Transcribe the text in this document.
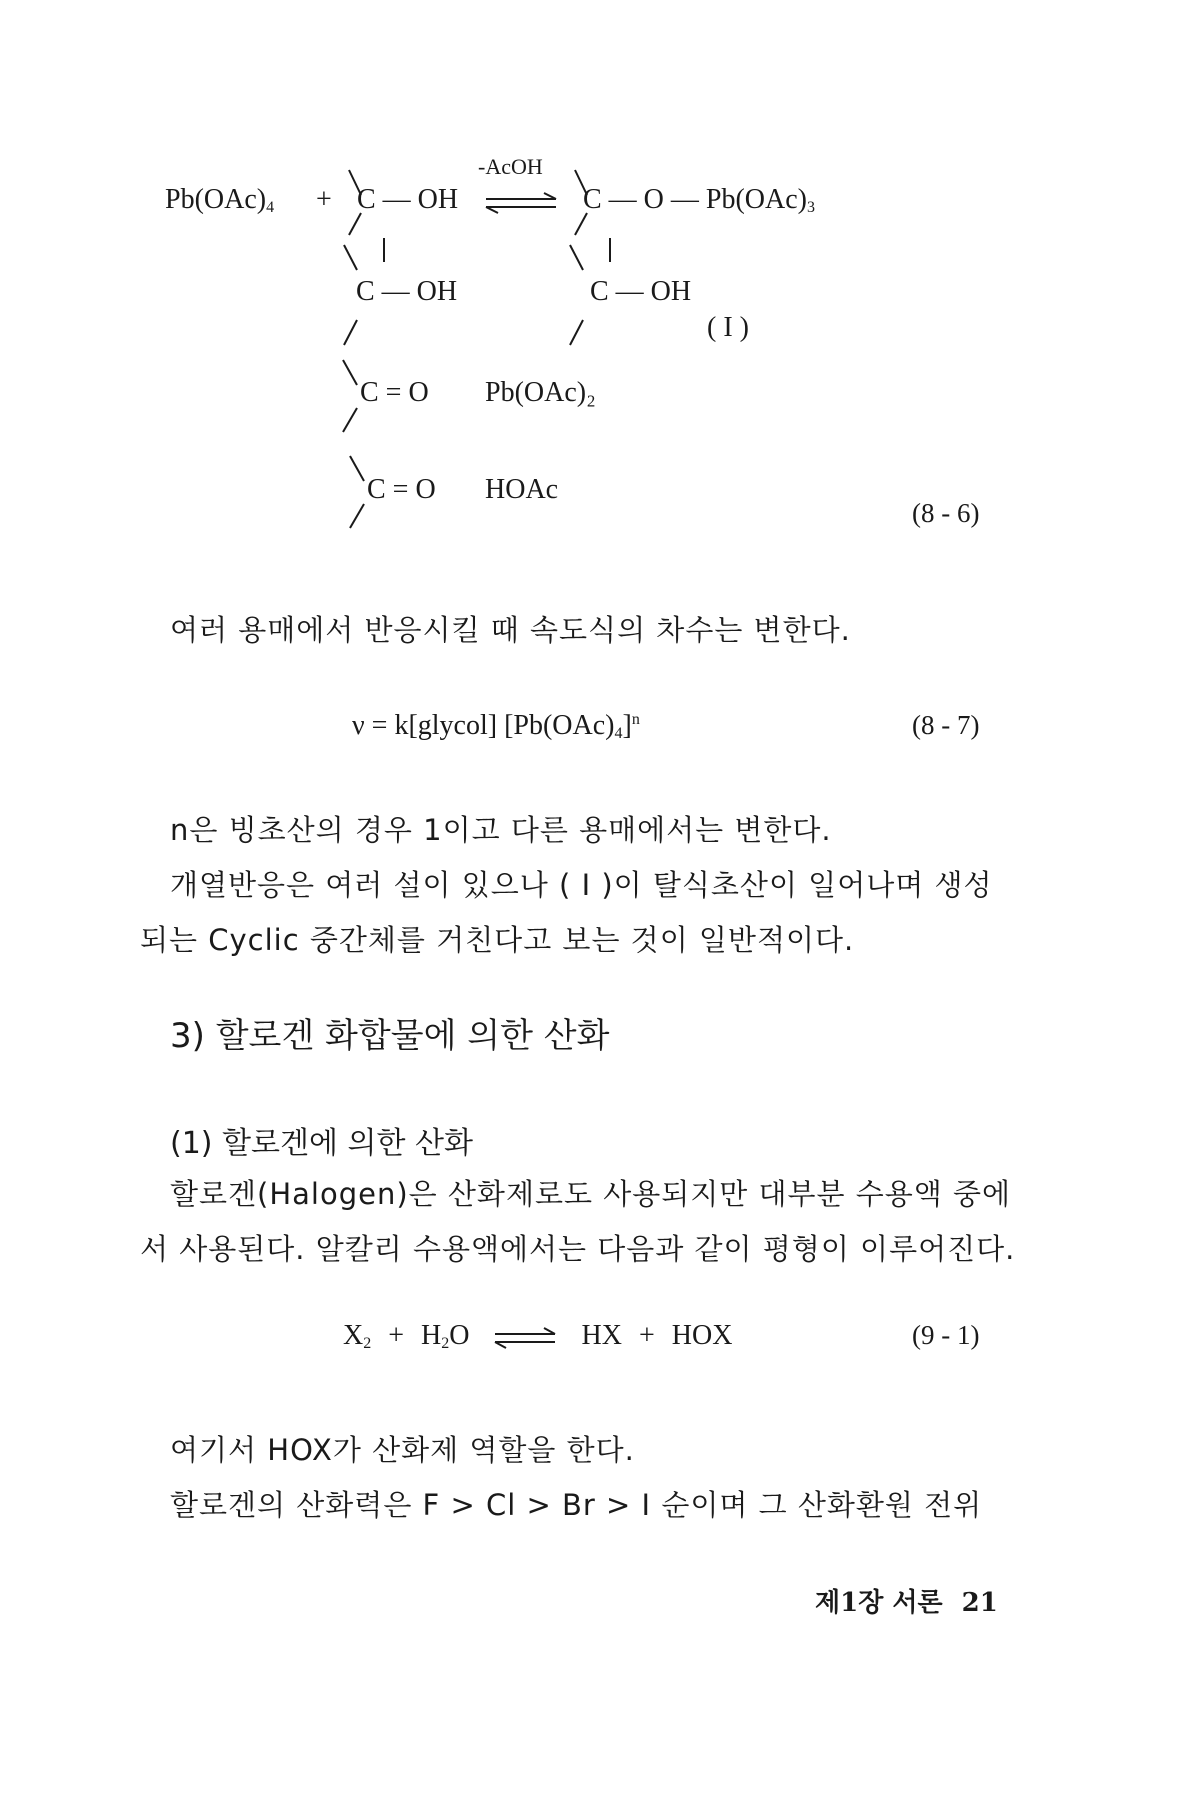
$Pb(OAc)_4 + C$ — OH
-AcOH
C — O — $Pb(OAc)_3$
C — OH	C — OH
( I )
C = O Pb(OAc)₂
C = O HOAc
(8 - 6)
여러 용매에서 반응시킬 때 속도식의 차수는 변한다.
ν = k[glycol] $[Pb(OAc)_4]^n$	(8 - 7)
n은 빙초산의 경우 1이고 다른 용매에서는 변한다.
개열반응은 여러 설이 있으나 ( I )이 탈식초산이 일어나며 생성
되는 Cyclic 중간체를 거친다고 보는 것이 일반적이다.
3) 할로겐 화합물에 의한 산화
(1) 할로겐에 의한 산화
할로겐(Halogen)은 산화제로도 사용되지만 대부분 수용액 중에
서 사용된다. 알칼리 수용액에서는 다음과 같이 평형이 이루어진다.
$X_2 + H_2O$ ⇌ HX + HOX	(9 - 1)
여기서 HOX가 산화제 역할을 한다.
할로겐의 산화력은 F > Cl > Br > I 순이며 그 산화환원 전위
제1장 서론 21
